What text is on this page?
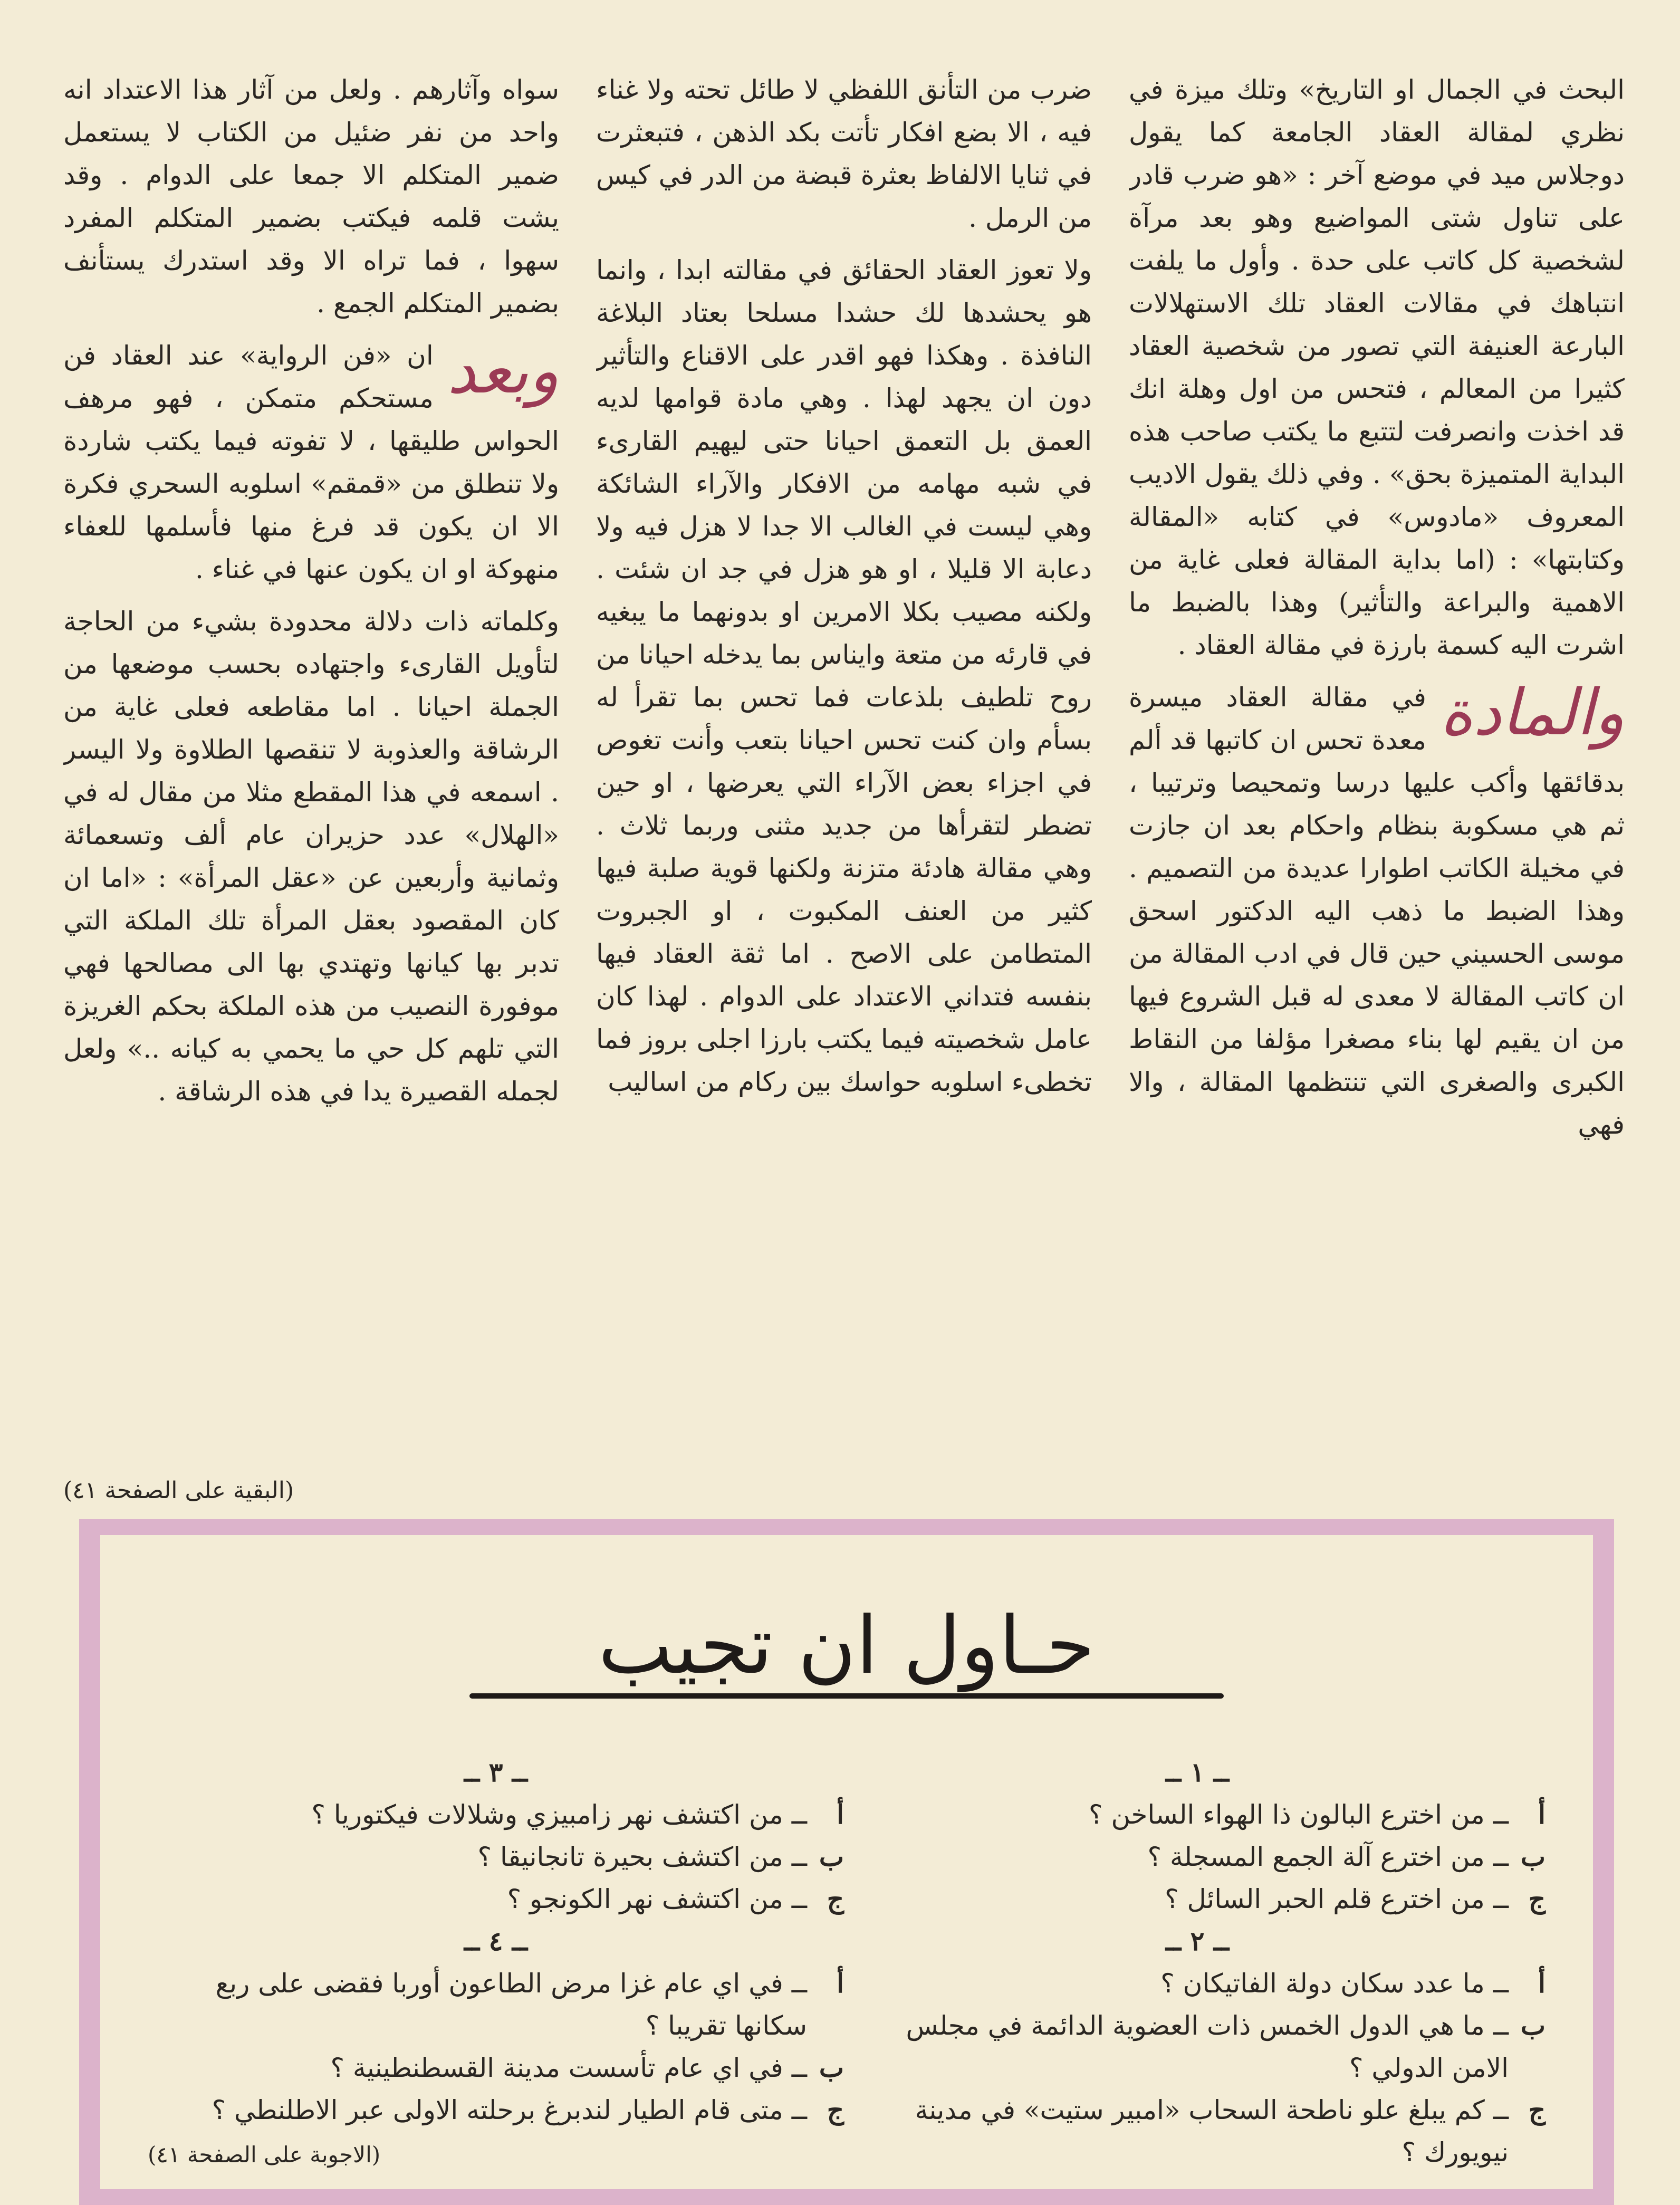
البحث في الجمال او التاريخ» وتلك ميزة في نظري لمقالة العقاد الجامعة كما يقول دوجلاس ميد في موضع آخر : «هو ضرب قادر على تناول شتى المواضيع وهو بعد مرآة لشخصية كل كاتب على حدة . وأول ما يلفت انتباهك في مقالات العقاد تلك الاستهلالات البارعة العنيفة التي تصور من شخصية العقاد كثيرا من المعالم ، فتحس من اول وهلة انك قد اخذت وانصرفت لتتبع ما يكتب صاحب هذه البداية المتميزة بحق» . وفي ذلك يقول الاديب المعروف «مادوس» في كتابه «المقالة وكتابتها» : (اما بداية المقالة فعلى غاية من الاهمية والبراعة والتأثير) وهذا بالضبط ما اشرت اليه كسمة بارزة في مقالة العقاد .

والمادة
في مقالة العقاد ميسرة معدة تحس ان كاتبها قد ألم بدقائقها وأكب عليها درسا وتمحيصا وترتيبا ، ثم هي مسكوبة بنظام واحكام بعد ان جازت في مخيلة الكاتب اطوارا عديدة من التصميم . وهذا الضبط ما ذهب اليه الدكتور اسحق موسى الحسيني حين قال في ادب المقالة من ان كاتب المقالة لا معدى له قبل الشروع فيها من ان يقيم لها بناء مصغرا مؤلفا من النقاط الكبرى والصغرى التي تنتظمها المقالة ، والا فهي

ضرب من التأنق اللفظي لا طائل تحته ولا غناء فيه ، الا بضع افكار تأتت بكد الذهن ، فتبعثرت في ثنايا الالفاظ بعثرة قبضة من الدر في كيس من الرمل .

ولا تعوز العقاد الحقائق في مقالته ابدا ، وانما هو يحشدها لك حشدا مسلحا بعتاد البلاغة النافذة . وهكذا فهو اقدر على الاقناع والتأثير دون ان يجهد لهذا . وهي مادة قوامها لديه العمق بل التعمق احيانا حتى ليهيم القارىء في شبه مهامه من الافكار والآراء الشائكة وهي ليست في الغالب الا جدا لا هزل فيه ولا دعابة الا قليلا ، او هو هزل في جد ان شئت . ولكنه مصيب بكلا الامرين او بدونهما ما يبغيه في قارئه من متعة وايناس بما يدخله احيانا من روح تلطيف بلذعات فما تحس بما تقرأ له بسأم وان كنت تحس احيانا بتعب وأنت تغوص في اجزاء بعض الآراء التي يعرضها ، او حين تضطر لتقرأها من جديد مثنى وربما ثلاث . وهي مقالة هادئة متزنة ولكنها قوية صلبة فيها كثير من العنف المكبوت ، او الجبروت المتطامن على الاصح . اما ثقة العقاد فيها بنفسه فتداني الاعتداد على الدوام . لهذا كان عامل شخصيته فيما يكتب بارزا اجلى بروز فما تخطىء اسلوبه حواسك بين ركام من اساليب

سواه وآثارهم . ولعل من آثار هذا الاعتداد انه واحد من نفر ضئيل من الكتاب لا يستعمل ضمير المتكلم الا جمعا على الدوام . وقد يشت قلمه فيكتب بضمير المتكلم المفرد سهوا ، فما تراه الا وقد استدرك يستأنف بضمير المتكلم الجمع .

وبعد
ان «فن الرواية» عند العقاد فن مستحكم متمكن ، فهو مرهف الحواس طليقها ، لا تفوته فيما يكتب شاردة ولا تنطلق من «قمقم» اسلوبه السحري فكرة الا ان يكون قد فرغ منها فأسلمها للعفاء منهوكة او ان يكون عنها في غناء .

وكلماته ذات دلالة محدودة بشيء من الحاجة لتأويل القارىء واجتهاده بحسب موضعها من الجملة احيانا . اما مقاطعه فعلى غاية من الرشاقة والعذوبة لا تنقصها الطلاوة ولا اليسر . اسمعه في هذا المقطع مثلا من مقال له في «الهلال» عدد حزيران عام ألف وتسعمائة وثمانية وأربعين عن «عقل المرأة» : «اما ان كان المقصود بعقل المرأة تلك الملكة التي تدبر بها كيانها وتهتدي بها الى مصالحها فهي موفورة النصيب من هذه الملكة بحكم الغريزة التي تلهم كل حي ما يحمي به كيانه ..» ولعل لجمله القصيرة يدا في هذه الرشاقة .

(البقية على الصفحة ٤١)
حـاول ان تجيب

ــ ١ ــ

أ
ــ من اخترع البالون ذا الهواء الساخن ؟

ب
ــ من اخترع آلة الجمع المسجلة ؟

ج
ــ من اخترع قلم الحبر السائل ؟

ــ ٢ ــ

أ
ــ ما عدد سكان دولة الفاتيكان ؟

ب
ــ ما هي الدول الخمس ذات العضوية الدائمة في مجلس الامن الدولي ؟

ج
ــ كم يبلغ علو ناطحة السحاب «امبير ستيت» في مدينة نيويورك ؟

ــ ٣ ــ

أ
ــ من اكتشف نهر زامبيزي وشلالات فيكتوريا ؟

ب
ــ من اكتشف بحيرة تانجانيقا ؟

ج
ــ من اكتشف نهر الكونجو ؟

ــ ٤ ــ

أ
ــ في اي عام غزا مرض الطاعون أوربا فقضى على ربع سكانها تقريبا ؟

ب
ــ في اي عام تأسست مدينة القسطنطينية ؟

ج
ــ متى قام الطيار لندبرغ برحلته الاولى عبر الاطلنطي ؟

(الاجوبة على الصفحة ٤١)
